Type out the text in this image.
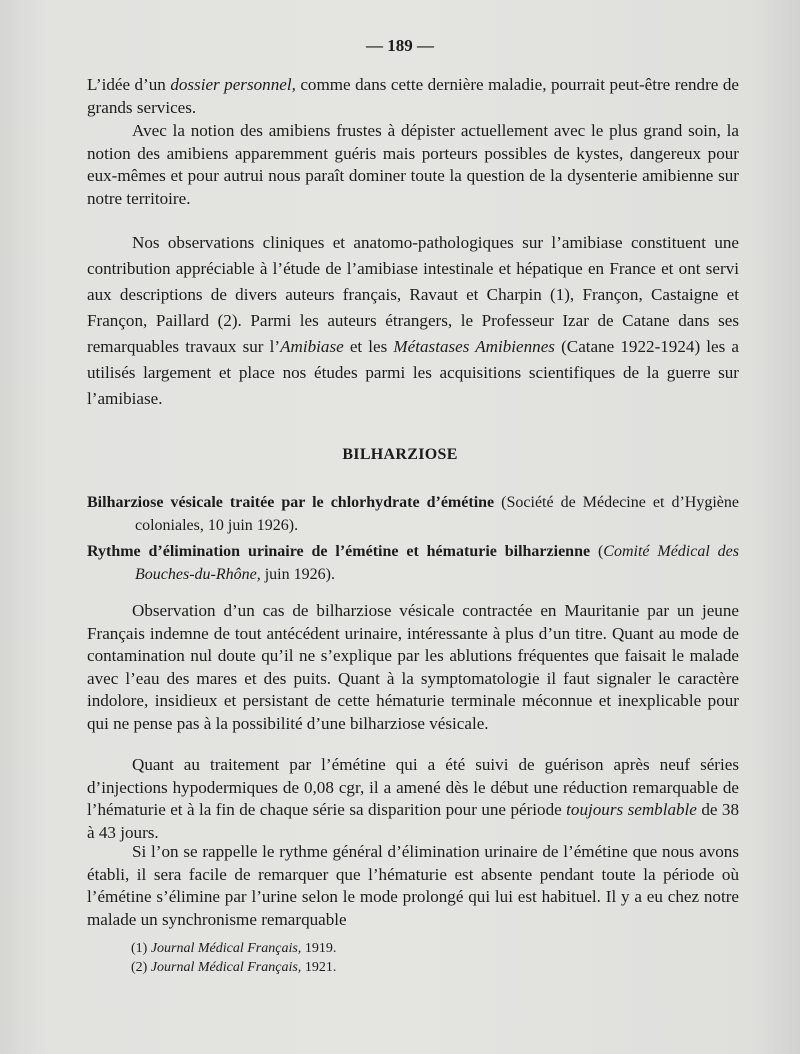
— 189 —

L’idée d’un dossier personnel, comme dans cette dernière maladie, pourrait peut-être rendre de grands services.

Avec la notion des amibiens frustes à dépister actuellement avec le plus grand soin, la notion des amibiens apparemment guéris mais porteurs possibles de kystes, dangereux pour eux-mêmes et pour autrui nous paraît dominer toute la question de la dysenterie amibienne sur notre territoire.

Nos observations cliniques et anatomo-pathologiques sur l’amibiase constituent une contribution appréciable à l’étude de l’amibiase intestinale et hépatique en France et ont servi aux descriptions de divers auteurs français, Ravaut et Charpin (1), Françon, Castaigne et Françon, Paillard (2). Parmi les auteurs étrangers, le Professeur Izar de Catane dans ses remarquables travaux sur l’Amibiase et les Métastases Amibiennes (Catane 1922-1924) les a utilisés largement et place nos études parmi les acquisitions scientifiques de la guerre sur l’amibiase.

BILHARZIOSE

Bilharziose vésicale traitée par le chlorhydrate d’émétine (Société de Médecine et d’Hygiène coloniales, 10 juin 1926).

Rythme d’élimination urinaire de l’émétine et hématurie bilharzienne (Comité Médical des Bouches-du-Rhône, juin 1926).

Observation d’un cas de bilharziose vésicale contractée en Mauritanie par un jeune Français indemne de tout antécédent urinaire, intéressante à plus d’un titre. Quant au mode de contamination nul doute qu’il ne s’explique par les ablutions fréquentes que faisait le malade avec l’eau des mares et des puits. Quant à la symptomatologie il faut signaler le caractère indolore, insidieux et persistant de cette hématurie terminale méconnue et inexplicable pour qui ne pense pas à la possibilité d’une bilharziose vésicale.

Quant au traitement par l’émétine qui a été suivi de guérison après neuf séries d’injections hypodermiques de 0,08 cgr, il a amené dès le début une réduction remarquable de l’hématurie et à la fin de chaque série sa disparition pour une période toujours semblable de 38 à 43 jours.

Si l’on se rappelle le rythme général d’élimination urinaire de l’émétine que nous avons établi, il sera facile de remarquer que l’hématurie est absente pendant toute la période où l’émétine s’élimine par l’urine selon le mode prolongé qui lui est habituel. Il y a eu chez notre malade un synchronisme remarquable

(1) Journal Médical Français, 1919.

(2) Journal Médical Français, 1921.
